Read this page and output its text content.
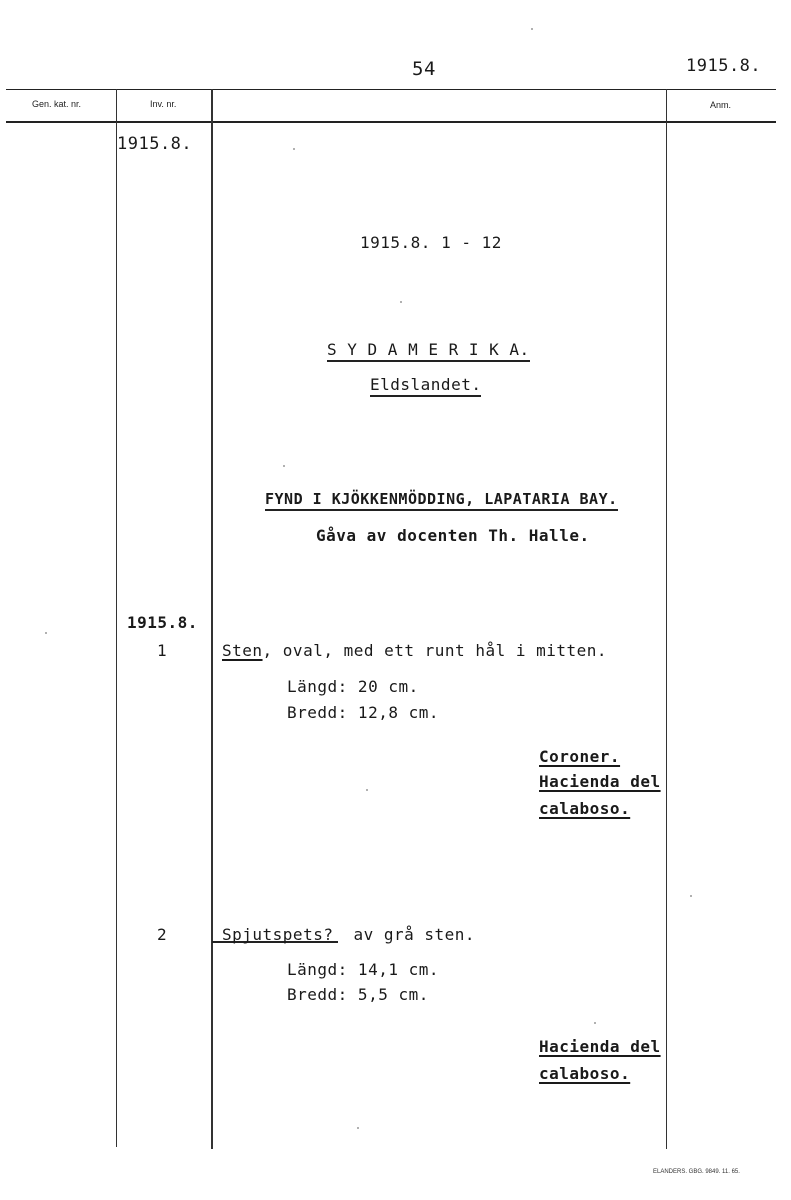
54	1915.8.
Gen. kat. nr.	Inv. nr.	Anm.
1915.8.
1915.8. 1 - 12
S Y D A M E R I K A.
Eldslandet.
FYND I KJÖKKENMÖDDING, LAPATARIA BAY.
Gåva av docenten Th. Halle.
1915.8.
1	Sten, oval, med ett runt hål i mitten.
Längd: 20 cm.
Bredd: 12,8 cm.
Coroner.
Hacienda del
calaboso.
2	Spjutspets? av grå sten.
Längd: 14,1 cm.
Bredd: 5,5 cm.
Hacienda del
calaboso.
ELANDERS. GBG. 9849. 11. 65.
